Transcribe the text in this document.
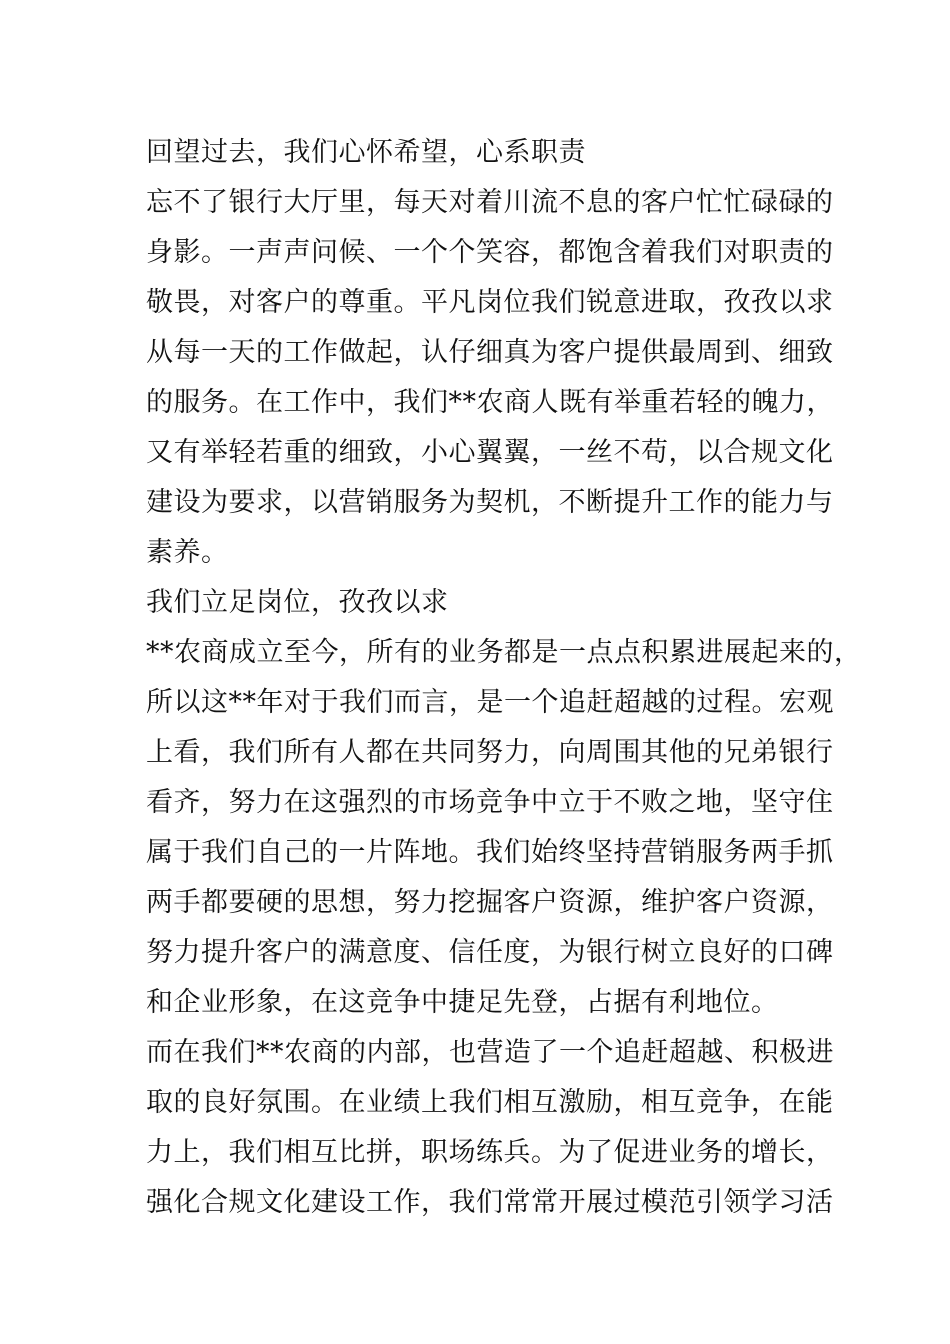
回望过去，我们心怀希望，心系职责
忘不了银行大厅里，每天对着川流不息的客户忙忙碌碌的
身影。一声声问候、一个个笑容，都饱含着我们对职责的
敬畏，对客户的尊重。平凡岗位我们锐意进取，孜孜以求
从每一天的工作做起，认仔细真为客户提供最周到、细致
的服务。在工作中，我们**农商人既有举重若轻的魄力，
又有举轻若重的细致，小心翼翼，一丝不苟，以合规文化
建设为要求，以营销服务为契机，不断提升工作的能力与
素养。
我们立足岗位，孜孜以求
**农商成立至今，所有的业务都是一点点积累进展起来的，
所以这**年对于我们而言，是一个追赶超越的过程。宏观
上看，我们所有人都在共同努力，向周围其他的兄弟银行
看齐，努力在这强烈的市场竞争中立于不败之地，坚守住
属于我们自己的一片阵地。我们始终坚持营销服务两手抓
两手都要硬的思想，努力挖掘客户资源，维护客户资源，
努力提升客户的满意度、信任度，为银行树立良好的口碑
和企业形象，在这竞争中捷足先登，占据有利地位。
而在我们**农商的内部，也营造了一个追赶超越、积极进
取的良好氛围。在业绩上我们相互激励，相互竞争，在能
力上，我们相互比拼，职场练兵。为了促进业务的增长，
强化合规文化建设工作，我们常常开展过模范引领学习活
